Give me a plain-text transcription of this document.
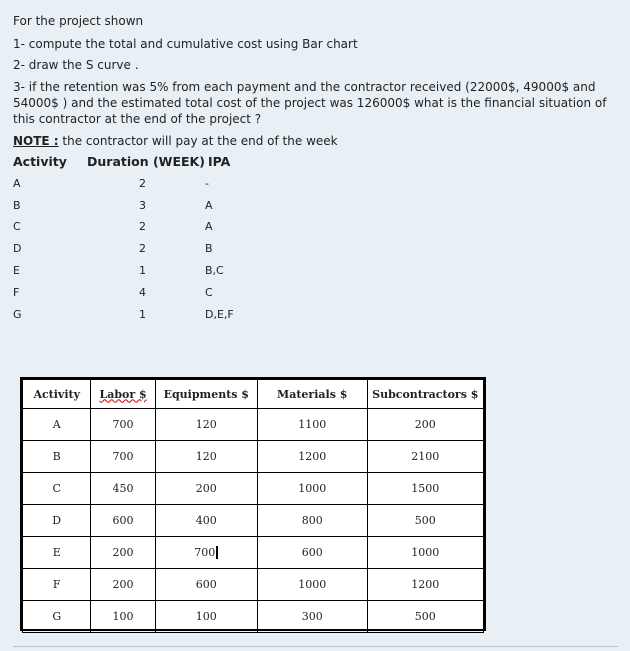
For the project shown

1- compute the total and cumulative cost using Bar chart

2- draw the S curve .

3- if the retention was 5% from each payment and the contractor received (22000$, 49000$ and 54000$ ) and the estimated total cost of the project was 126000$ what is the financial situation of this contractor at the end of the project ?

NOTE : the contractor will pay at the end of the week

Activity Duration (WEEK) IPA
A	2	-
B	3	A
C	2	A
D	2	B
E	1	B,C
F	4	C
G	1	D,E,F
Activity	Labor $	Equipments $	Materials $	Subcontractors $
A	700	120	1100	200
B	700	120	1200	2100
C	450	200	1000	1500
D	600	400	800	500
E	200	700	600	1000
F	200	600	1000	1200
G	100	100	300	500
